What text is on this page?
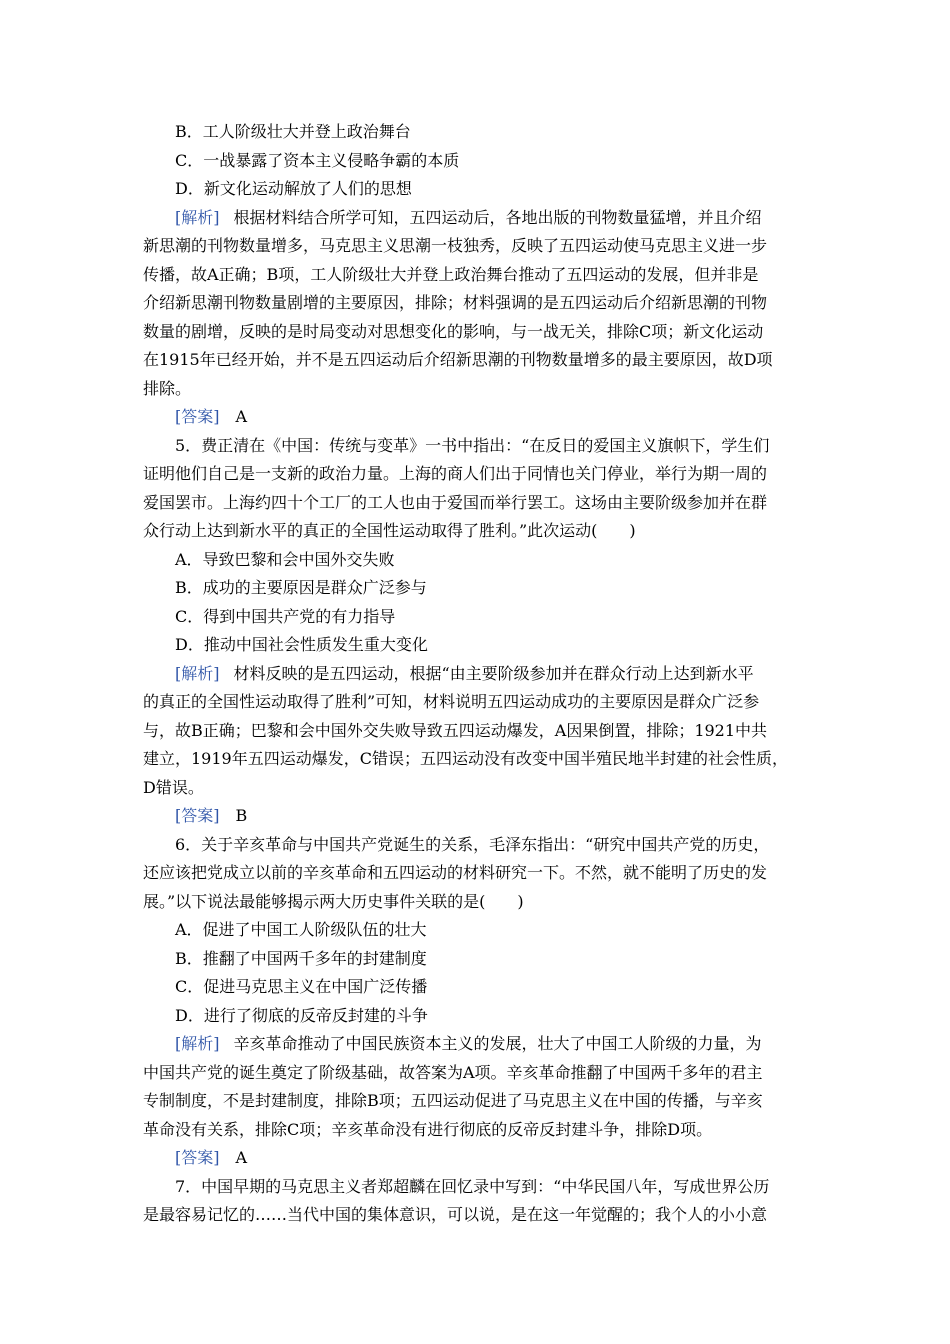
B．工人阶级壮大并登上政治舞台
C．一战暴露了资本主义侵略争霸的本质
D．新文化运动解放了人们的思想
[解析] 根据材料结合所学可知，五四运动后，各地出版的刊物数量猛增，并且介绍
新思潮的刊物数量增多，马克思主义思潮一枝独秀，反映了五四运动使马克思主义进一步
传播，故A正确；B项，工人阶级壮大并登上政治舞台推动了五四运动的发展，但并非是
介绍新思潮刊物数量剧增的主要原因，排除；材料强调的是五四运动后介绍新思潮的刊物
数量的剧增，反映的是时局变动对思想变化的影响，与一战无关，排除C项；新文化运动
在1915年已经开始，并不是五四运动后介绍新思潮的刊物数量增多的最主要原因，故D项
排除。
[答案] A
5．费正清在《中国：传统与变革》一书中指出：“在反日的爱国主义旗帜下，学生们
证明他们自己是一支新的政治力量。上海的商人们出于同情也关门停业，举行为期一周的
爱国罢市。上海约四十个工厂的工人也由于爱国而举行罢工。这场由主要阶级参加并在群
众行动上达到新水平的真正的全国性运动取得了胜利。”此次运动(　　)
A．导致巴黎和会中国外交失败
B．成功的主要原因是群众广泛参与
C．得到中国共产党的有力指导
D．推动中国社会性质发生重大变化
[解析] 材料反映的是五四运动，根据“由主要阶级参加并在群众行动上达到新水平
的真正的全国性运动取得了胜利”可知，材料说明五四运动成功的主要原因是群众广泛参
与，故B正确；巴黎和会中国外交失败导致五四运动爆发，A因果倒置，排除；1921中共
建立，1919年五四运动爆发，C错误；五四运动没有改变中国半殖民地半封建的社会性质，
D错误。
[答案] B
6．关于辛亥革命与中国共产党诞生的关系，毛泽东指出：“研究中国共产党的历史，
还应该把党成立以前的辛亥革命和五四运动的材料研究一下。不然，就不能明了历史的发
展。”以下说法最能够揭示两大历史事件关联的是(　　)
A．促进了中国工人阶级队伍的壮大
B．推翻了中国两千多年的封建制度
C．促进马克思主义在中国广泛传播
D．进行了彻底的反帝反封建的斗争
[解析] 辛亥革命推动了中国民族资本主义的发展，壮大了中国工人阶级的力量，为
中国共产党的诞生奠定了阶级基础，故答案为A项。辛亥革命推翻了中国两千多年的君主
专制制度，不是封建制度，排除B项；五四运动促进了马克思主义在中国的传播，与辛亥
革命没有关系，排除C项；辛亥革命没有进行彻底的反帝反封建斗争，排除D项。
[答案] A
7．中国早期的马克思主义者郑超麟在回忆录中写到：“中华民国八年，写成世界公历
是最容易记忆的……当代中国的集体意识，可以说，是在这一年觉醒的；我个人的小小意
